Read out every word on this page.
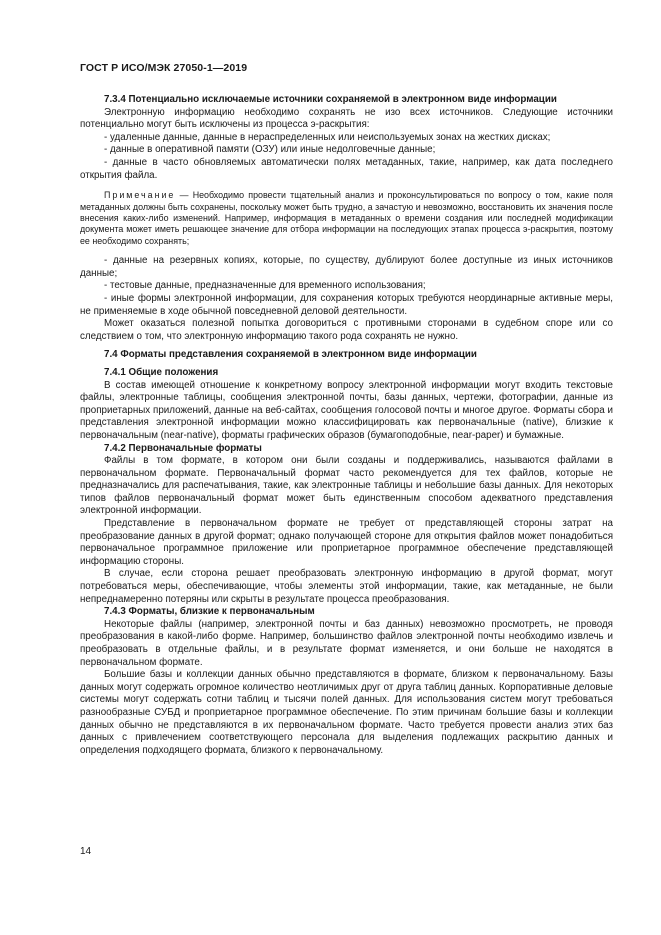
ГОСТ Р ИСО/МЭК 27050-1—2019

7.3.4 Потенциально исключаемые источники сохраняемой в электронном виде информации

Электронную информацию необходимо сохранять не изо всех источников. Следующие источники потенциально могут быть исключены из процесса э-раскрытия:

- удаленные данные, данные в нераспределенных или неиспользуемых зонах на жестких дисках;

- данные в оперативной памяти (ОЗУ) или иные недолговечные данные;

- данные в часто обновляемых автоматически полях метаданных, такие, например, как дата последнего открытия файла.

Примечание — Необходимо провести тщательный анализ и проконсультироваться по вопросу о том, какие поля метаданных должны быть сохранены, поскольку может быть трудно, а зачастую и невозможно, восстановить их значения после внесения каких-либо изменений. Например, информация в метаданных о времени создания или последней модификации документа может иметь решающее значение для отбора информации на последующих этапах процесса э-раскрытия, поэтому ее необходимо сохранять;

- данные на резервных копиях, которые, по существу, дублируют более доступные из иных источников данные;

- тестовые данные, предназначенные для временного использования;

- иные формы электронной информации, для сохранения которых требуются неординарные активные меры, не применяемые в ходе обычной повседневной деловой деятельности.

Может оказаться полезной попытка договориться с противными сторонами в судебном споре или со следствием о том, что электронную информацию такого рода сохранять не нужно.

7.4 Форматы представления сохраняемой в электронном виде информации

7.4.1 Общие положения

В состав имеющей отношение к конкретному вопросу электронной информации могут входить текстовые файлы, электронные таблицы, сообщения электронной почты, базы данных, чертежи, фотографии, данные из проприетарных приложений, данные на веб-сайтах, сообщения голосовой почты и многое другое. Форматы сбора и представления электронной информации можно классифицировать как первоначальные (native), близкие к первоначальным (near-native), форматы графических образов (бумагоподобные, near-paper) и бумажные.

7.4.2 Первоначальные форматы

Файлы в том формате, в котором они были созданы и поддерживались, называются файлами в первоначальном формате. Первоначальный формат часто рекомендуется для тех файлов, которые не предназначались для распечатывания, такие, как электронные таблицы и небольшие базы данных. Для некоторых типов файлов первоначальный формат может быть единственным способом адекватного представления электронной информации.

Представление в первоначальном формате не требует от представляющей стороны затрат на преобразование данных в другой формат; однако получающей стороне для открытия файлов может понадобиться первоначальное программное приложение или проприетарное программное обеспечение представляющей информацию стороны.

В случае, если сторона решает преобразовать электронную информацию в другой формат, могут потребоваться меры, обеспечивающие, чтобы элементы этой информации, такие, как метаданные, не были непреднамеренно потеряны или скрыты в результате процесса преобразования.

7.4.3 Форматы, близкие к первоначальным

Некоторые файлы (например, электронной почты и баз данных) невозможно просмотреть, не проводя преобразования в какой-либо форме. Например, большинство файлов электронной почты необходимо извлечь и преобразовать в отдельные файлы, и в результате формат изменяется, и они больше не находятся в первоначальном формате.

Большие базы и коллекции данных обычно представляются в формате, близком к первоначальному. Базы данных могут содержать огромное количество неотличимых друг от друга таблиц данных. Корпоративные деловые системы могут содержать сотни таблиц и тысячи полей данных. Для использования систем могут требоваться разнообразные СУБД и проприетарное программное обеспечение. По этим причинам большие базы и коллекции данных обычно не представляются в их первоначальном формате. Часто требуется провести анализ этих баз данных с привлечением соответствующего персонала для выделения подлежащих раскрытию данных и определения подходящего формата, близкого к первоначальному.

14
